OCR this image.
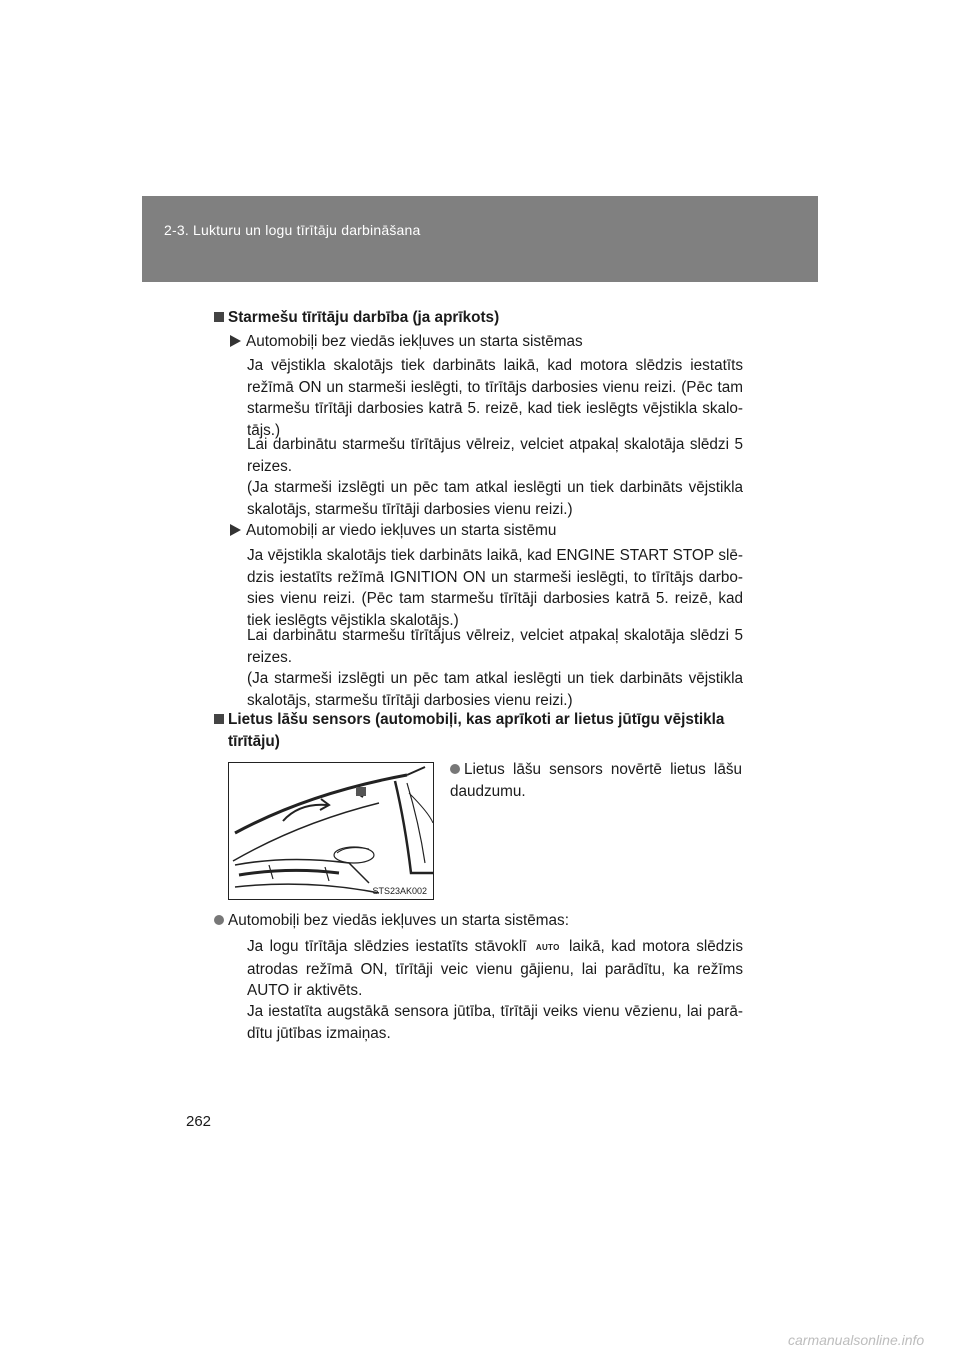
2-3. Lukturu un logu tīrītāju darbināšana
Starmešu tīrītāju darbība (ja aprīkots)
Automobiļi bez viedās iekļuves un starta sistēmas
Ja vējstikla skalotājs tiek darbināts laikā, kad motora slēdzis iestatīts režīmā ON un starmeši ieslēgti, to tīrītājs darbosies vienu reizi. (Pēc tam starmešu tīrītāji darbosies katrā 5. reizē, kad tiek ieslēgts vējstikla skalo-tājs.)
Lai darbinātu starmešu tīrītājus vēlreiz, velciet atpakaļ skalotāja slēdzi 5 reizes.
(Ja starmeši izslēgti un pēc tam atkal ieslēgti un tiek darbināts vējstikla skalotājs, starmešu tīrītāji darbosies vienu reizi.)
Automobiļi ar viedo iekļuves un starta sistēmu
Ja vējstikla skalotājs tiek darbināts laikā, kad ENGINE START STOP slē-dzis iestatīts režīmā IGNITION ON un starmeši ieslēgti, to tīrītājs darbo-sies vienu reizi. (Pēc tam starmešu tīrītāji darbosies katrā 5. reizē, kad tiek ieslēgts vējstikla skalotājs.)
Lai darbinātu starmešu tīrītājus vēlreiz, velciet atpakaļ skalotāja slēdzi 5 reizes.
(Ja starmeši izslēgti un pēc tam atkal ieslēgti un tiek darbināts vējstikla skalotājs, starmešu tīrītāji darbosies vienu reizi.)
Lietus lāšu sensors (automobiļi, kas aprīkoti ar lietus jūtīgu vējstikla
tīrītāju)
STS23AK002
Lietus lāšu sensors novērtē lietus lāšu daudzumu.
Automobiļi bez viedās iekļuves un starta sistēmas:
Ja logu tīrītāja slēdzies iestatīts stāvoklī AUTO laikā, kad motora slēdzis atrodas režīmā ON, tīrītāji veic vienu gājienu, lai parādītu, ka režīms AUTO ir aktivēts.
Ja iestatīta augstākā sensora jūtība, tīrītāji veiks vienu vēzienu, lai parā-dītu jūtības izmaiņas.
262
carmanualsonline.info
